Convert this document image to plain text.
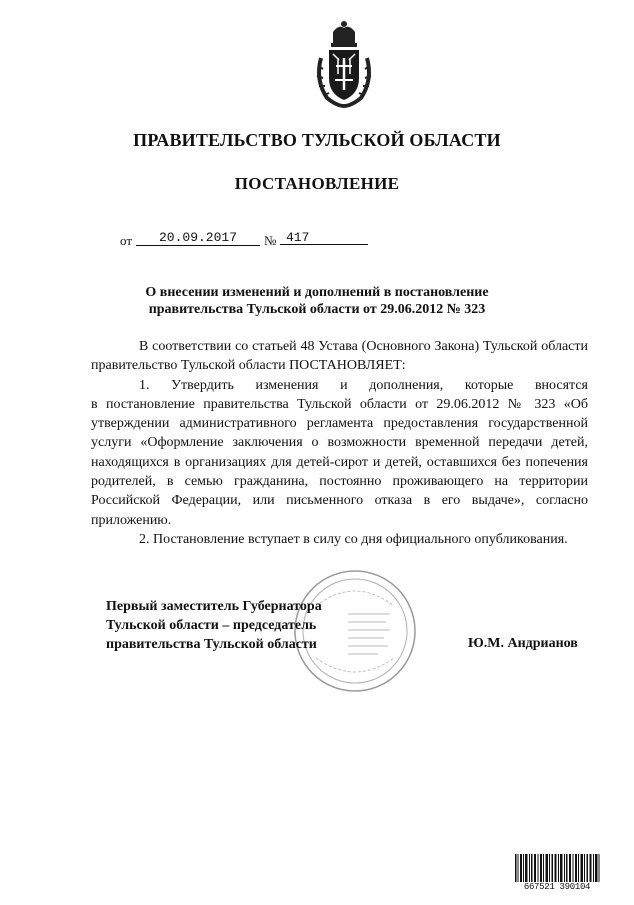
ПРАВИТЕЛЬСТВО ТУЛЬСКОЙ ОБЛАСТИ
ПОСТАНОВЛЕНИЕ
от	20.09.2017	№ 417
О внесении изменений и дополнений в постановление
правительства Тульской области от 29.06.2012 № 323

В соответствии со статьей 48 Устава (Основного Закона) Тульской области правительство Тульской области ПОСТАНОВЛЯЕТ:

1. Утвердить изменения и дополнения, которые вносятся

в постановление правительства Тульской области от 29.06.2012 № 323 «Об утверждении административного регламента предоставления государственной услуги «Оформление заключения о возможности временной передачи детей, находящихся в организациях для детей-сирот и детей, оставшихся без попечения родителей, в семью гражданина, постоянно проживающего на территории Российской Федерации, или письменного отказа в его выдаче», согласно приложению.

2. Постановление вступает в силу со дня официального опубликования.

Первый заместитель Губернатора
Тульской области – председатель
правительства Тульской области	Ю.М. Андрианов
667521 390104
